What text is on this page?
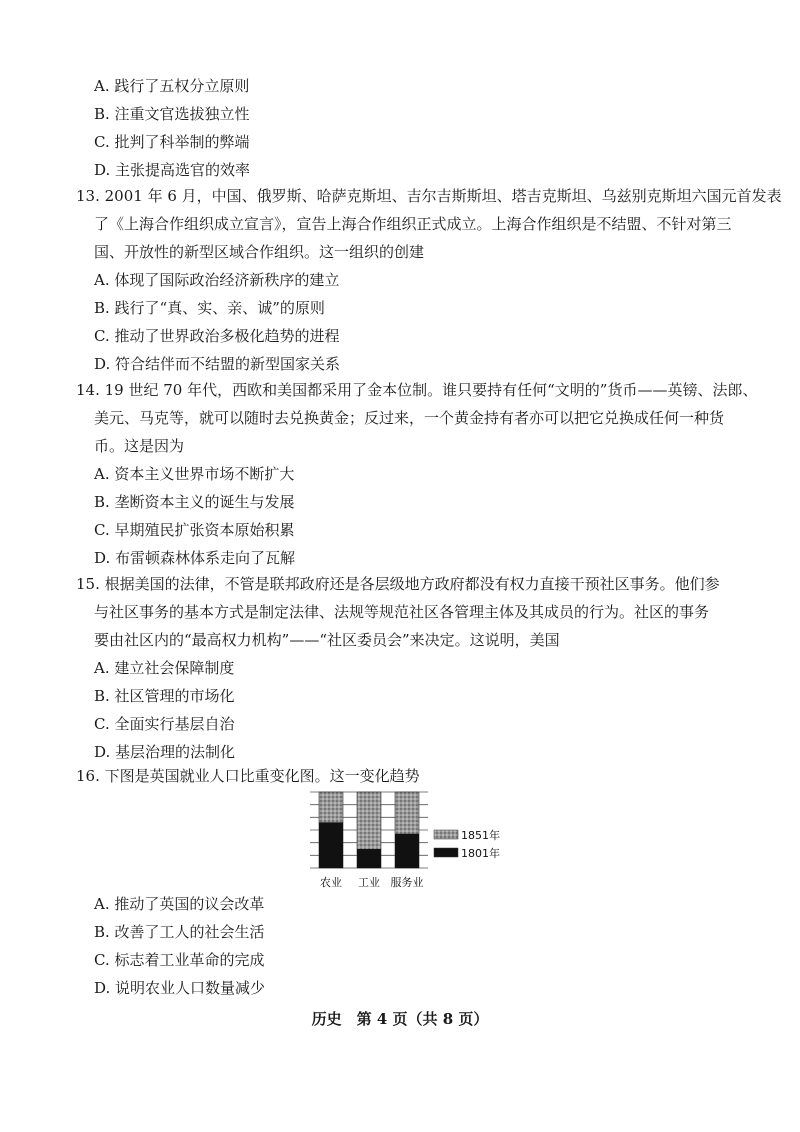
A. 践行了五权分立原则
B. 注重文官选拔独立性
C. 批判了科举制的弊端
D. 主张提高选官的效率
13. 2001 年 6 月，中国、俄罗斯、哈萨克斯坦、吉尔吉斯斯坦、塔吉克斯坦、乌兹别克斯坦六国元首发表
了《上海合作组织成立宣言》，宣告上海合作组织正式成立。上海合作组织是不结盟、不针对第三
国、开放性的新型区域合作组织。这一组织的创建
A. 体现了国际政治经济新秩序的建立
B. 践行了“真、实、亲、诚”的原则
C. 推动了世界政治多极化趋势的进程
D. 符合结伴而不结盟的新型国家关系
14. 19 世纪 70 年代，西欧和美国都采用了金本位制。谁只要持有任何“文明的”货币——英镑、法郎、
美元、马克等，就可以随时去兑换黄金；反过来，一个黄金持有者亦可以把它兑换成任何一种货
币。这是因为
A. 资本主义世界市场不断扩大
B. 垄断资本主义的诞生与发展
C. 早期殖民扩张资本原始积累
D. 布雷顿森林体系走向了瓦解
15. 根据美国的法律，不管是联邦政府还是各层级地方政府都没有权力直接干预社区事务。他们参
与社区事务的基本方式是制定法律、法规等规范社区各管理主体及其成员的行为。社区的事务
要由社区内的“最高权力机构”——“社区委员会”来决定。这说明，美国
A. 建立社会保障制度
B. 社区管理的市场化
C. 全面实行基层自治
D. 基层治理的法制化
16. 下图是英国就业人口比重变化图。这一变化趋势
农业 工业 服务业
1851年
1801年
A. 推动了英国的议会改革
B. 改善了工人的社会生活
C. 标志着工业革命的完成
D. 说明农业人口数量减少
历史　第 4 页（共 8 页）
